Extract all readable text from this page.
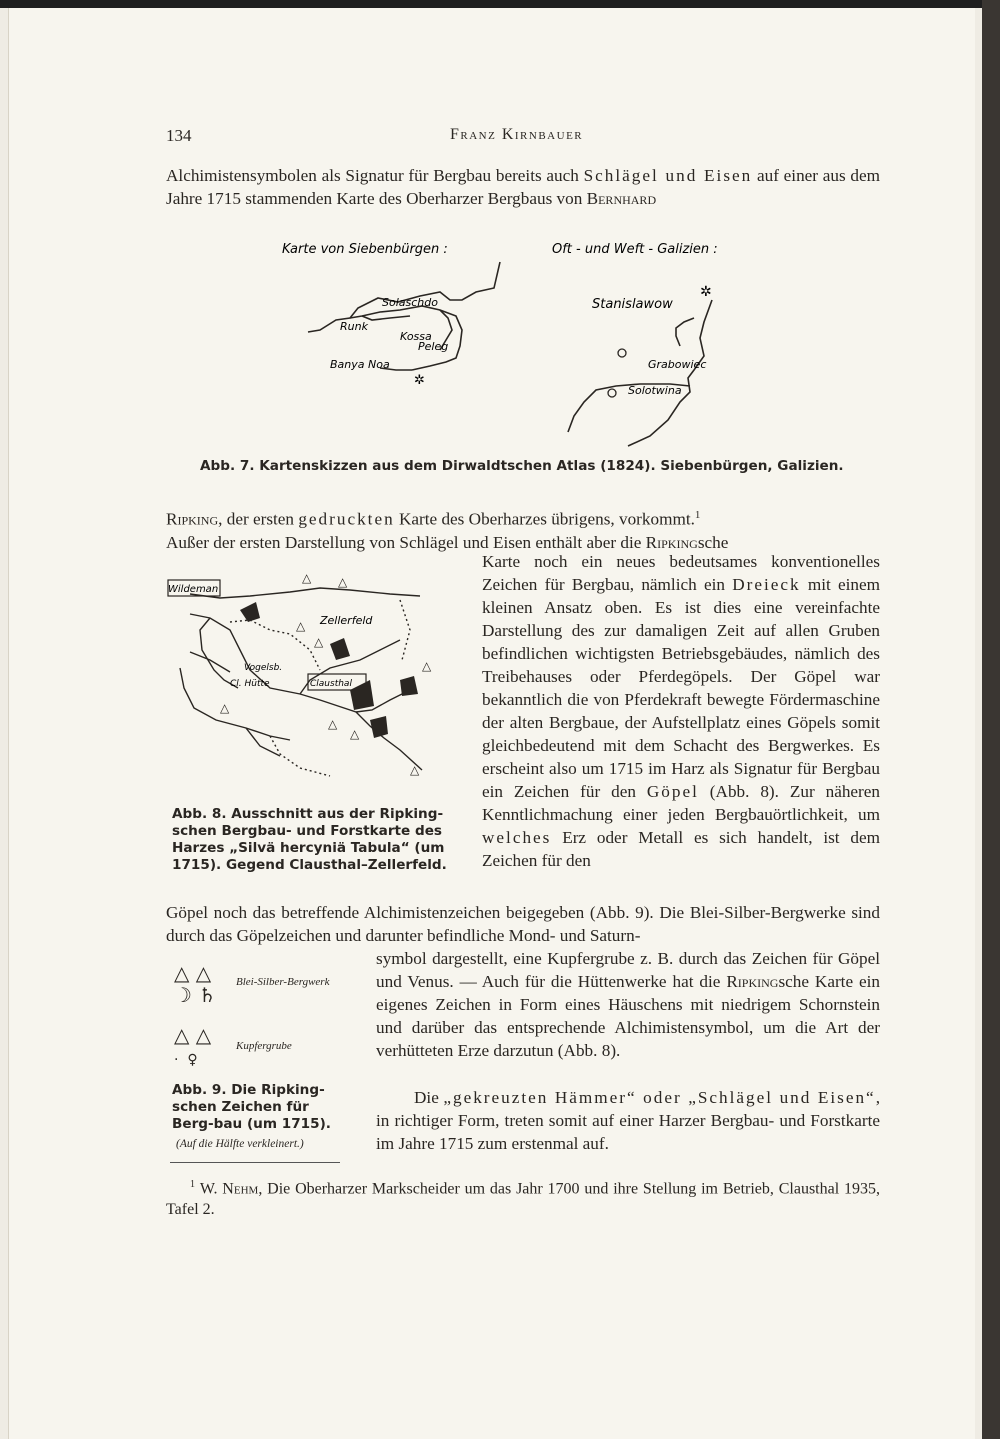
134	Franz Kirnbauer
Alchimistensymbolen als Signatur für Bergbau bereits auch Schlägel und Eisen auf einer aus dem Jahre 1715 stammenden Karte des Oberharzer Bergbaus von Bernhard
Karte von Siebenbürgen :
Solaschdo
Runk
Kossa
Peleg
Banya Noa
✲
Oft - und Weft - Galizien :
Stanislawow
Grabowiec
Solotwina
✲
Abb. 7. Kartenskizzen aus dem Dirwaldtschen Atlas (1824). Siebenbürgen, Galizien.
Ripking, der ersten gedruckten Karte des Oberharzes übrigens, vorkommt.$^1$
Außer der ersten Darstellung von Schlägel und Eisen enthält aber die Ripkingsche
Wildeman
Zellerfeld
Vogelsb.
Cl. Hütte	Clausthal
△ △
△
△
△
△
△
△
△
Abb. 8. Ausschnitt aus der Ripking-schen Bergbau- und Forstkarte des Harzes „Silvä hercyniä Tabula“ (um 1715). Gegend Clausthal–Zellerfeld.
Karte noch ein neues bedeutsames konventionelles Zeichen für Bergbau, nämlich ein Dreieck mit einem kleinen Ansatz oben. Es ist dies eine vereinfachte Darstellung des zur damaligen Zeit auf allen Gruben befindlichen wichtigsten Betriebsgebäudes, nämlich des Treibehauses oder Pferdegöpels. Der Göpel war bekanntlich die von Pferdekraft bewegte Fördermaschine der alten Bergbaue, der Aufstellplatz eines Göpels somit gleichbedeutend mit dem Schacht des Bergwerkes. Es erscheint also um 1715 im Harz als Signatur für Bergbau ein Zeichen für den Göpel (Abb. 8). Zur näheren Kenntlichmachung einer jeden Bergbauörtlichkeit, um welches Erz oder Metall es sich handelt, ist dem Zeichen für den
Göpel noch das betreffende Alchimistenzeichen beigegeben (Abb. 9). Die Blei-Silber-Bergwerke sind durch das Göpelzeichen und darunter befindliche Mond- und Saturn-
△ △
☽ ♄
Blei-Silber-Bergwerk
△ △
·  ♀
Kupfergrube
Abb. 9. Die Ripking-schen Zeichen für Berg-bau (um 1715).
(Auf die Hälfte verkleinert.)
symbol dargestellt, eine Kupfergrube z. B. durch das Zeichen für Göpel und Venus. — Auch für die Hüttenwerke hat die Ripkingsche Karte ein eigenes Zeichen in Form eines Häuschens mit niedrigem Schornstein und darüber das entsprechende Alchimistensymbol, um die Art der verhütteten Erze darzutun (Abb. 8).
Die „gekreuzten Hämmer“ oder „Schlägel und Eisen“, in richtiger Form, treten somit auf einer Harzer Bergbau- und Forstkarte im Jahre 1715 zum erstenmal auf.
$^1$ W. Nehm, Die Oberharzer Markscheider um das Jahr 1700 und ihre Stellung im Betrieb, Clausthal 1935, Tafel 2.
